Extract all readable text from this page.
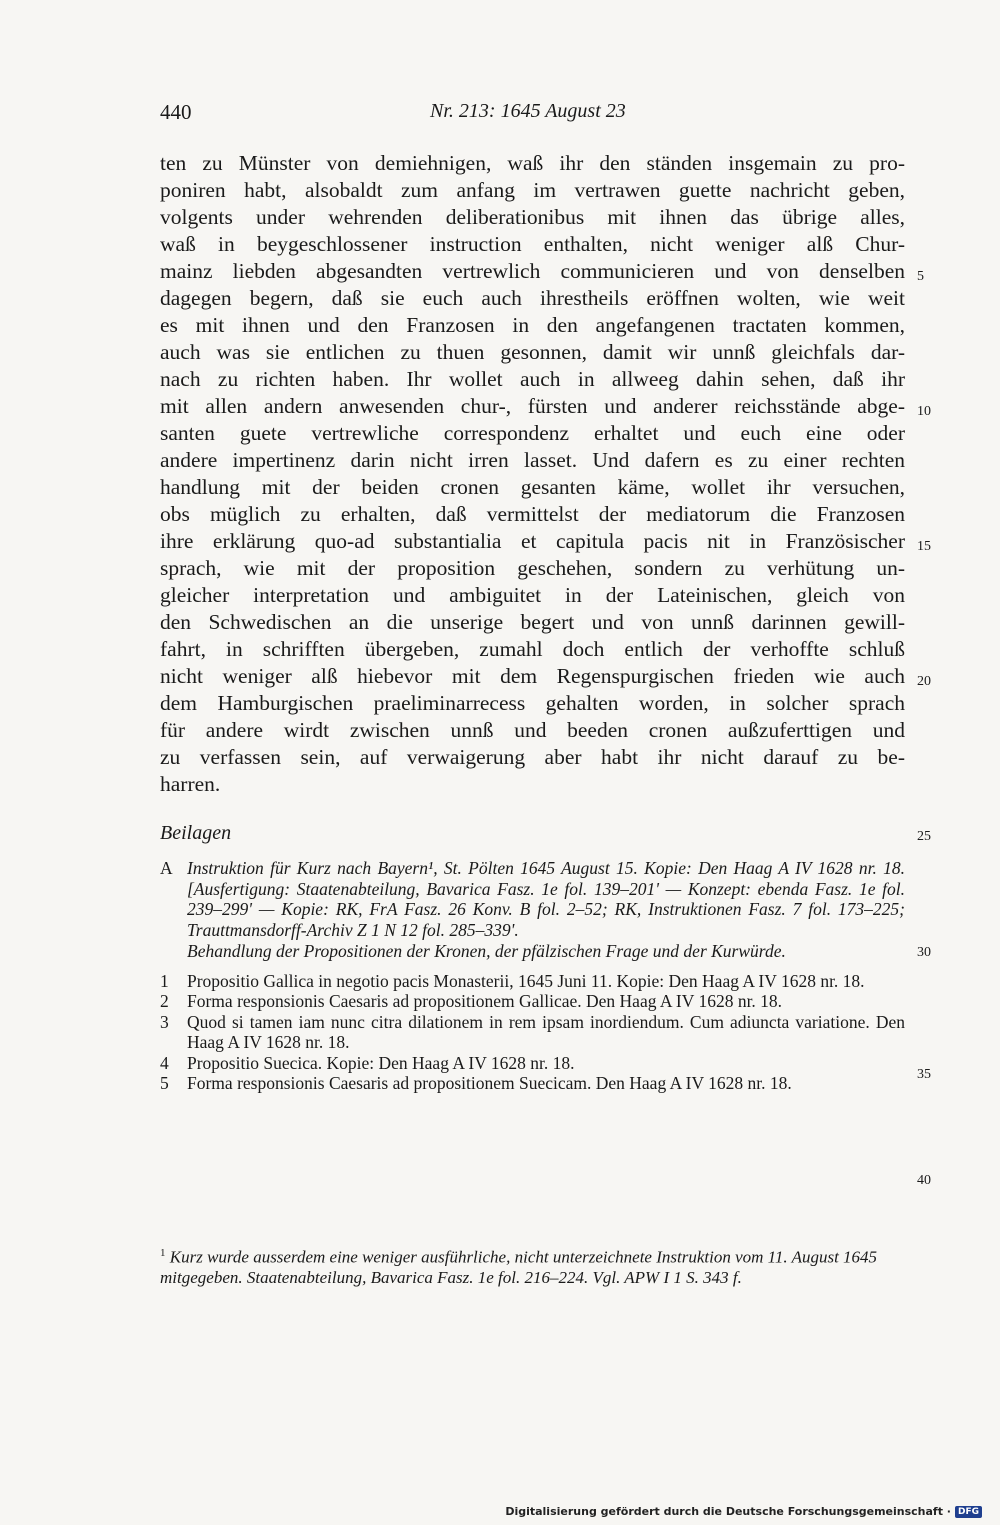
440	Nr. 213: 1645 August 23
ten zu Münster von demiehnigen, waß ihr den ständen insgemain zu pro-
poniren habt, alsobaldt zum anfang im vertrawen guette nachricht geben,
volgents under wehrenden deliberationibus mit ihnen das übrige alles,
waß in beygeschlossener instruction enthalten, nicht weniger alß Chur-
mainz liebden abgesandten vertrewlich communicieren und von denselben
dagegen begern, daß sie euch auch ihrestheils eröffnen wolten, wie weit
es mit ihnen und den Franzosen in den angefangenen tractaten kommen,
auch was sie entlichen zu thuen gesonnen, damit wir unnß gleichfals dar-
nach zu richten haben. Ihr wollet auch in allweeg dahin sehen, daß ihr
mit allen andern anwesenden chur-, fürsten und anderer reichsstände abge-
santen guete vertrewliche correspondenz erhaltet und euch eine oder
andere impertinenz darin nicht irren lasset. Und dafern es zu einer rechten
handlung mit der beiden cronen gesanten käme, wollet ihr versuchen,
obs müglich zu erhalten, daß vermittelst der mediatorum die Franzosen
ihre erklärung quo-ad substantialia et capitula pacis nit in Französischer
sprach, wie mit der proposition geschehen, sondern zu verhütung un-
gleicher interpretation und ambiguitet in der Lateinischen, gleich von
den Schwedischen an die unserige begert und von unnß darinnen gewill-
fahrt, in schrifften übergeben, zumahl doch entlich der verhoffte schluß
nicht weniger alß hiebevor mit dem Regenspurgischen frieden wie auch
dem Hamburgischen praeliminarrecess gehalten worden, in solcher sprach
für andere wirdt zwischen unnß und beeden cronen außzuferttigen und
zu verfassen sein, auf verwaigerung aber habt ihr nicht darauf zu be-
harren.
5
10
15
20
25
30
35
40
Beilagen
A Instruktion für Kurz nach Bayern¹, St. Pölten 1645 August 15. Kopie: Den Haag A IV 1628 nr. 18. [Ausfertigung: Staatenabteilung, Bavarica Fasz. 1e fol. 139–201' — Konzept: ebenda Fasz. 1e fol. 239–299' — Kopie: RK, FrA Fasz. 26 Konv. B fol. 2–52; RK, Instruktionen Fasz. 7 fol. 173–225; Trauttmansdorff-Archiv Z 1 N 12 fol. 285–339'.
Behandlung der Propositionen der Kronen, der pfälzischen Frage und der Kurwürde.
1 Propositio Gallica in negotio pacis Monasterii, 1645 Juni 11. Kopie: Den Haag A IV 1628 nr. 18.
2 Forma responsionis Caesaris ad propositionem Gallicae. Den Haag A IV 1628 nr. 18.
3 Quod si tamen iam nunc citra dilationem in rem ipsam inordiendum. Cum adiuncta variatione. Den Haag A IV 1628 nr. 18.
4 Propositio Suecica. Kopie: Den Haag A IV 1628 nr. 18.
5 Forma responsionis Caesaris ad propositionem Suecicam. Den Haag A IV 1628 nr. 18.
$^1$ Kurz wurde ausserdem eine weniger ausführliche, nicht unterzeichnete Instruktion vom 11. August 1645 mitgegeben. Staatenabteilung, Bavarica Fasz. 1e fol. 216–224. Vgl. APW I 1 S. 343 f.
Digitalisierung gefördert durch die Deutsche Forschungsgemeinschaft · DFG
